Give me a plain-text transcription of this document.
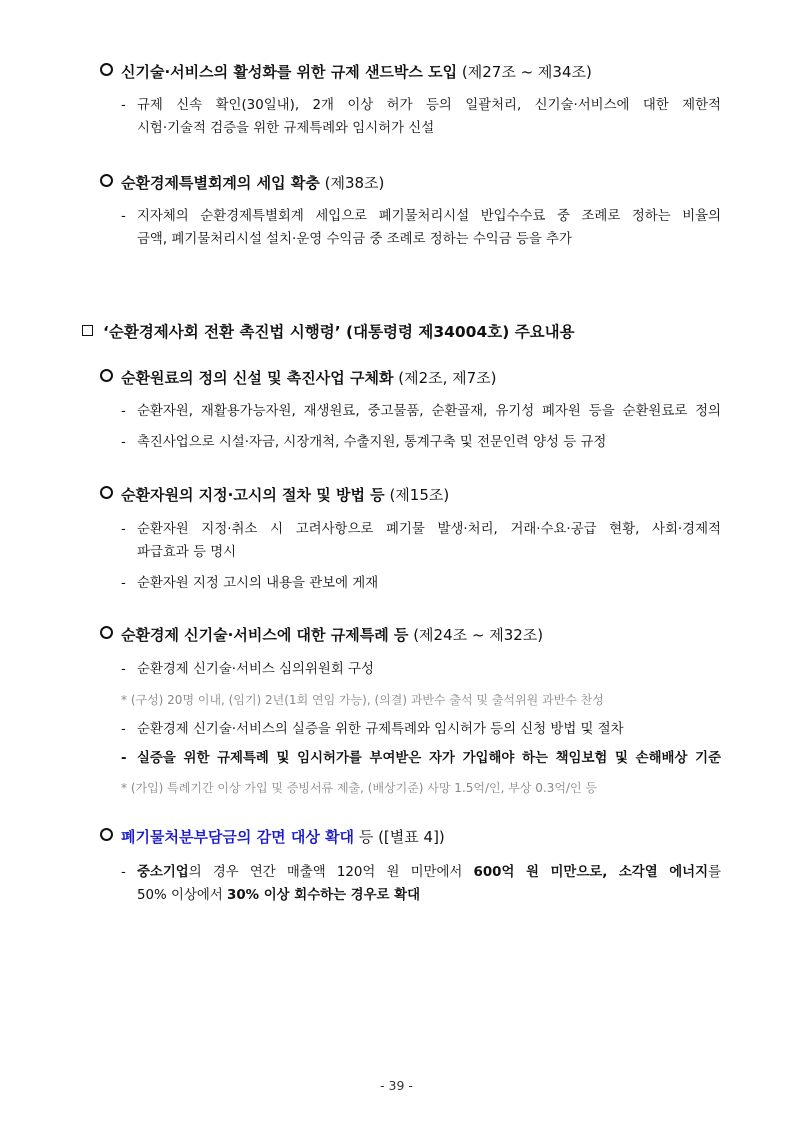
신기술·서비스의 활성화를 위한 규제 샌드박스 도입 (제27조 ~ 제34조)
- 규제 신속 확인(30일내), 2개 이상 허가 등의 일괄처리, 신기술·서비스에 대한 제한적
시험·기술적 검증을 위한 규제특례와 임시허가 신설
순환경제특별회계의 세입 확충 (제38조)
- 지자체의 순환경제특별회계 세입으로 폐기물처리시설 반입수수료 중 조례로 정하는 비율의
금액, 폐기물처리시설 설치·운영 수익금 중 조례로 정하는 수익금 등을 추가
‘순환경제사회 전환 촉진법 시행령’ (대통령령 제34004호) 주요내용
순환원료의 정의 신설 및 촉진사업 구체화 (제2조, 제7조)
- 순환자원, 재활용가능자원, 재생원료, 중고물품, 순환골재, 유기성 폐자원 등을 순환원료로 정의
- 촉진사업으로 시설·자금, 시장개척, 수출지원, 통계구축 및 전문인력 양성 등 규정
순환자원의 지정·고시의 절차 및 방법 등 (제15조)
- 순환자원 지정·취소 시 고려사항으로 폐기물 발생·처리, 거래·수요·공급 현황, 사회·경제적
파급효과 등 명시
- 순환자원 지정 고시의 내용을 관보에 게재
순환경제 신기술·서비스에 대한 규제특례 등 (제24조 ~ 제32조)
- 순환경제 신기술·서비스 심의위원회 구성
* (구성) 20명 이내, (임기) 2년(1회 연임 가능), (의결) 과반수 출석 및 출석위원 과반수 찬성
- 순환경제 신기술·서비스의 실증을 위한 규제특례와 임시허가 등의 신청 방법 및 절차
- 실증을 위한 규제특례 및 임시허가를 부여받은 자가 가입해야 하는 책임보험 및 손해배상 기준
* (가입) 특례기간 이상 가입 및 증빙서류 제출, (배상기준) 사망 1.5억/인, 부상 0.3억/인 등
폐기물처분부담금의 감면 대상 확대 등 ([별표 4])
- 중소기업의 경우 연간 매출액 120억 원 미만에서 600억 원 미만으로, 소각열 에너지를
50% 이상에서 30% 이상 회수하는 경우로 확대
- 39 -
